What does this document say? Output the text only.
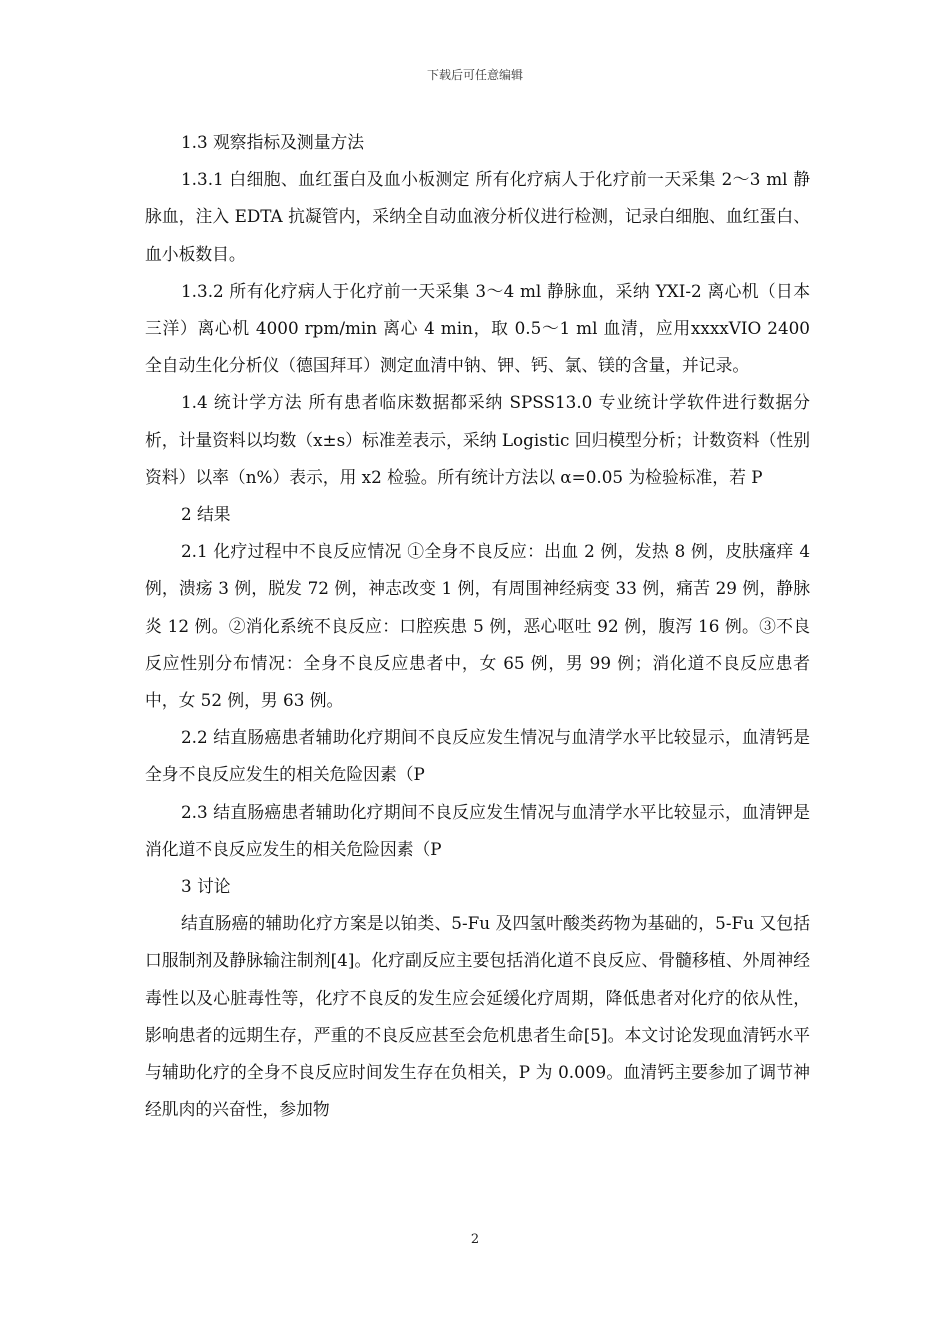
下载后可任意编辑

1.3 观察指标及测量方法

1.3.1 白细胞、血红蛋白及血小板测定 所有化疗病人于化疗前一天采集 2～3 ml 静脉血，注入 EDTA 抗凝管内，采纳全自动血液分析仪进行检测，记录白细胞、血红蛋白、血小板数目。

1.3.2 所有化疗病人于化疗前一天采集 3～4 ml 静脉血，采纳 YXI-2 离心机（日本三洋）离心机 4000 rpm/min 离心 4 min，取 0.5～1 ml 血清，应用xxxxVIO 2400 全自动生化分析仪（德国拜耳）测定血清中钠、钾、钙、氯、镁的含量，并记录。

1.4 统计学方法 所有患者临床数据都采纳 SPSS13.0 专业统计学软件进行数据分析，计量资料以均数（x±s）标准差表示，采纳 Logistic 回归模型分析；计数资料（性别资料）以率（n%）表示，用 x2 检验。所有统计方法以 α=0.05 为检验标准，若 P

2 结果

2.1 化疗过程中不良反应情况 ①全身不良反应：出血 2 例，发热 8 例，皮肤瘙痒 4 例，溃疡 3 例，脱发 72 例，神志改变 1 例，有周围神经病变 33 例，痛苦 29 例，静脉炎 12 例。②消化系统不良反应：口腔疾患 5 例，恶心呕吐 92 例，腹泻 16 例。③不良反应性别分布情况：全身不良反应患者中，女 65 例，男 99 例；消化道不良反应患者中，女 52 例，男 63 例。

2.2 结直肠癌患者辅助化疗期间不良反应发生情况与血清学水平比较显示，血清钙是全身不良反应发生的相关危险因素（P

2.3 结直肠癌患者辅助化疗期间不良反应发生情况与血清学水平比较显示，血清钾是消化道不良反应发生的相关危险因素（P

3 讨论

结直肠癌的辅助化疗方案是以铂类、5-Fu 及四氢叶酸类药物为基础的，5-Fu 又包括口服制剂及静脉输注制剂[4]。化疗副反应主要包括消化道不良反应、骨髓移植、外周神经毒性以及心脏毒性等，化疗不良反的发生应会延缓化疗周期，降低患者对化疗的依从性，影响患者的远期生存，严重的不良反应甚至会危机患者生命[5]。本文讨论发现血清钙水平与辅助化疗的全身不良反应时间发生存在负相关，P 为 0.009。血清钙主要参加了调节神经肌肉的兴奋性，参加物

2
